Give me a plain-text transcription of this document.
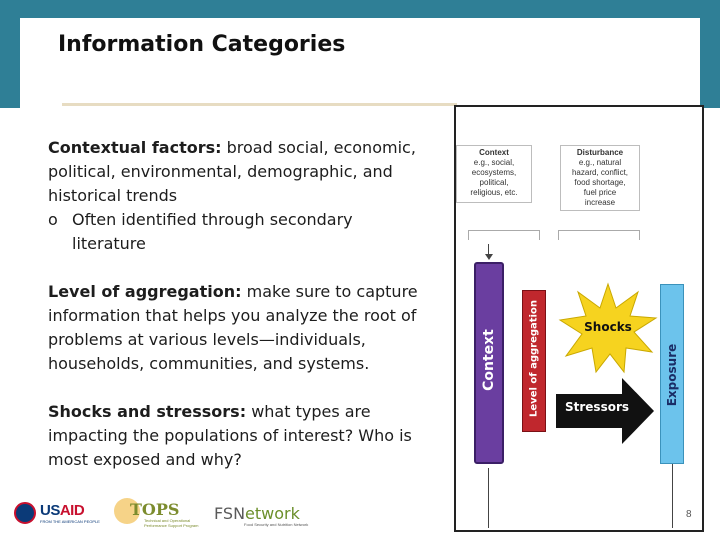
Information Categories

Contextual factors: broad social, economic, political, environmental, demographic, and historical trends
o Often identified through secondary literature

Level of aggregation: make sure to capture information that helps you analyze the root of problems at various levels—individuals, households, communities, and systems.

Shocks and stressors: what types are impacting the populations of interest? Who is most exposed and why?

Context
e.g., social,
ecosystems,
political,
religious, etc.
Disturbance
e.g., natural
hazard, conflict,
food shortage,
fuel price
increase
Context	Level of aggregation	Exposure
Shocks
Stressors
8
USAID
FROM THE AMERICAN PEOPLE
TOPS
Technical and Operational Performance Support Program
FSNetwork
Food Security and Nutrition Network
